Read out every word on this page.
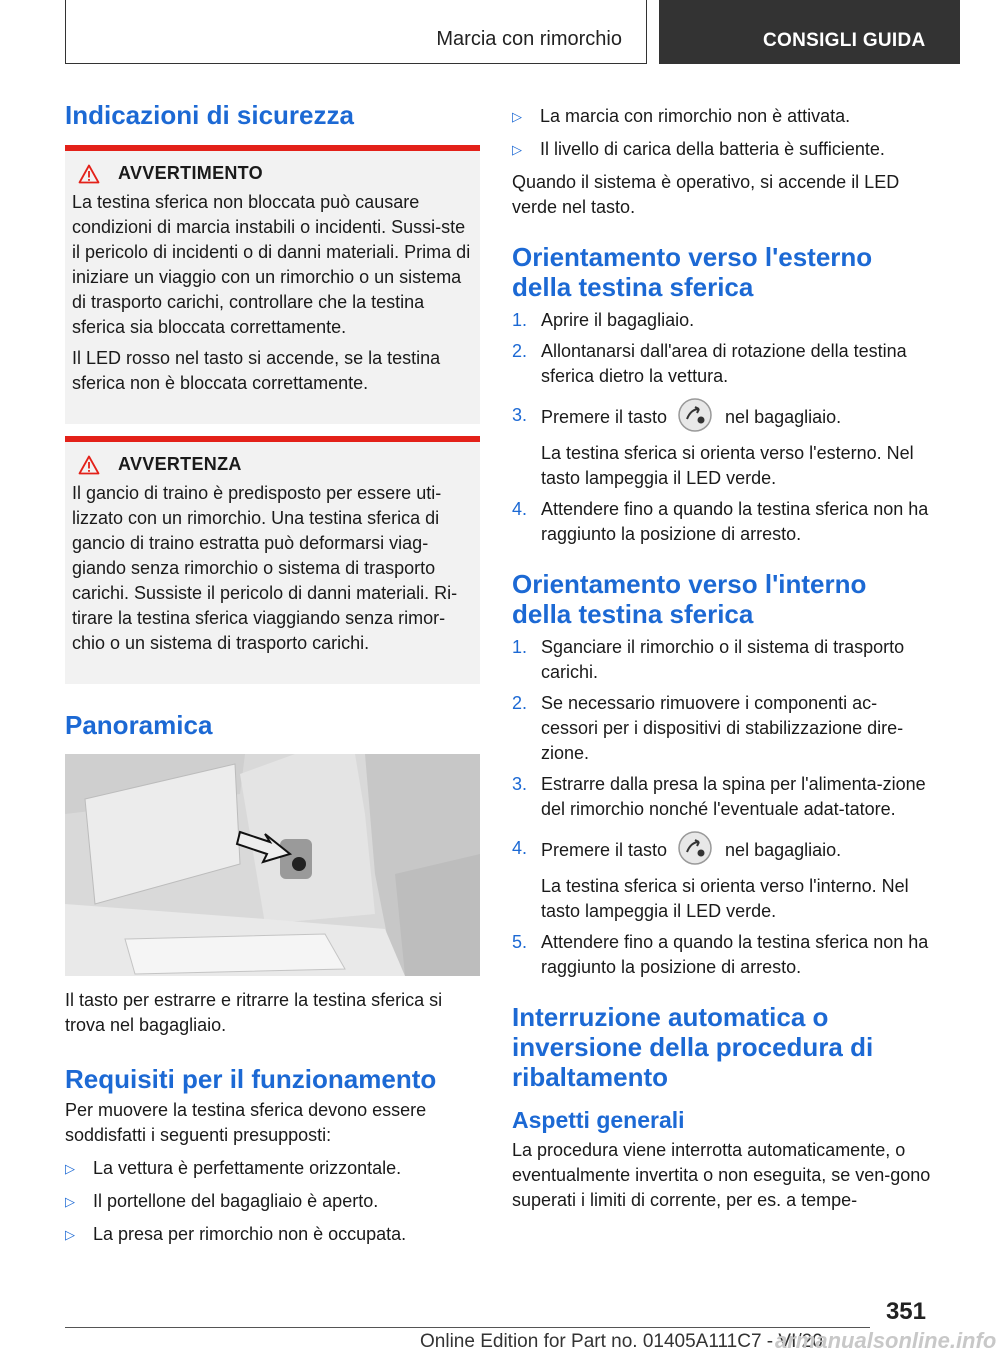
Marcia con rimorchio	CONSIGLI GUIDA
Indicazioni di sicurezza
AVVERTIMENTO

La testina sferica non bloccata può causare condizioni di marcia instabili o incidenti. Sussi-ste il pericolo di incidenti o di danni materiali. Prima di iniziare un viaggio con un rimorchio o un sistema di trasporto carichi, controllare che la testina sferica sia bloccata correttamente.

Il LED rosso nel tasto si accende, se la testina sferica non è bloccata correttamente.

AVVERTENZA

Il gancio di traino è predisposto per essere uti-lizzato con un rimorchio. Una testina sferica di gancio di traino estratta può deformarsi viag-giando senza rimorchio o sistema di trasporto carichi. Sussiste il pericolo di danni materiali. Ri-tirare la testina sferica viaggiando senza rimor-chio o un sistema di trasporto carichi.

Panoramica

Il tasto per estrarre e ritrarre la testina sferica si trova nel bagagliaio.

Requisiti per il funzionamento

Per muovere la testina sferica devono essere soddisfatti i seguenti presupposti:

▷	La vettura è perfettamente orizzontale.
▷	Il portellone del bagagliaio è aperto.
▷	La presa per rimorchio non è occupata.
▷	La marcia con rimorchio non è attivata.
▷	Il livello di carica della batteria è sufficiente.

Quando il sistema è operativo, si accende il LED verde nel tasto.

Orientamento verso l'esterno della testina sferica
1. Aprire il bagagliaio.
2. Allontanarsi dall'area di rotazione della testina sferica dietro la vettura.
3. Premere il tasto	nel bagagliaio.
La testina sferica si orienta verso l'esterno. Nel tasto lampeggia il LED verde.
4. Attendere fino a quando la testina sferica non ha raggiunto la posizione di arresto.
Orientamento verso l'interno della testina sferica
1. Sganciare il rimorchio o il sistema di trasporto carichi.
2. Se necessario rimuovere i componenti ac-cessori per i dispositivi di stabilizzazione dire-zione.
3. Estrarre dalla presa la spina per l'alimenta-zione del rimorchio nonché l'eventuale adat-tatore.
4. Premere il tasto	nel bagagliaio.
La testina sferica si orienta verso l'interno. Nel tasto lampeggia il LED verde.
5. Attendere fino a quando la testina sferica non ha raggiunto la posizione di arresto.
Interruzione automatica o inversione della procedura di ribaltamento
Aspetti generali

La procedura viene interrotta automaticamente, o eventualmente invertita o non eseguita, se ven-gono superati i limiti di corrente, per es. a tempe-

351
Online Edition for Part no. 01405A111C7 - VI/20
armanualsonline.info
